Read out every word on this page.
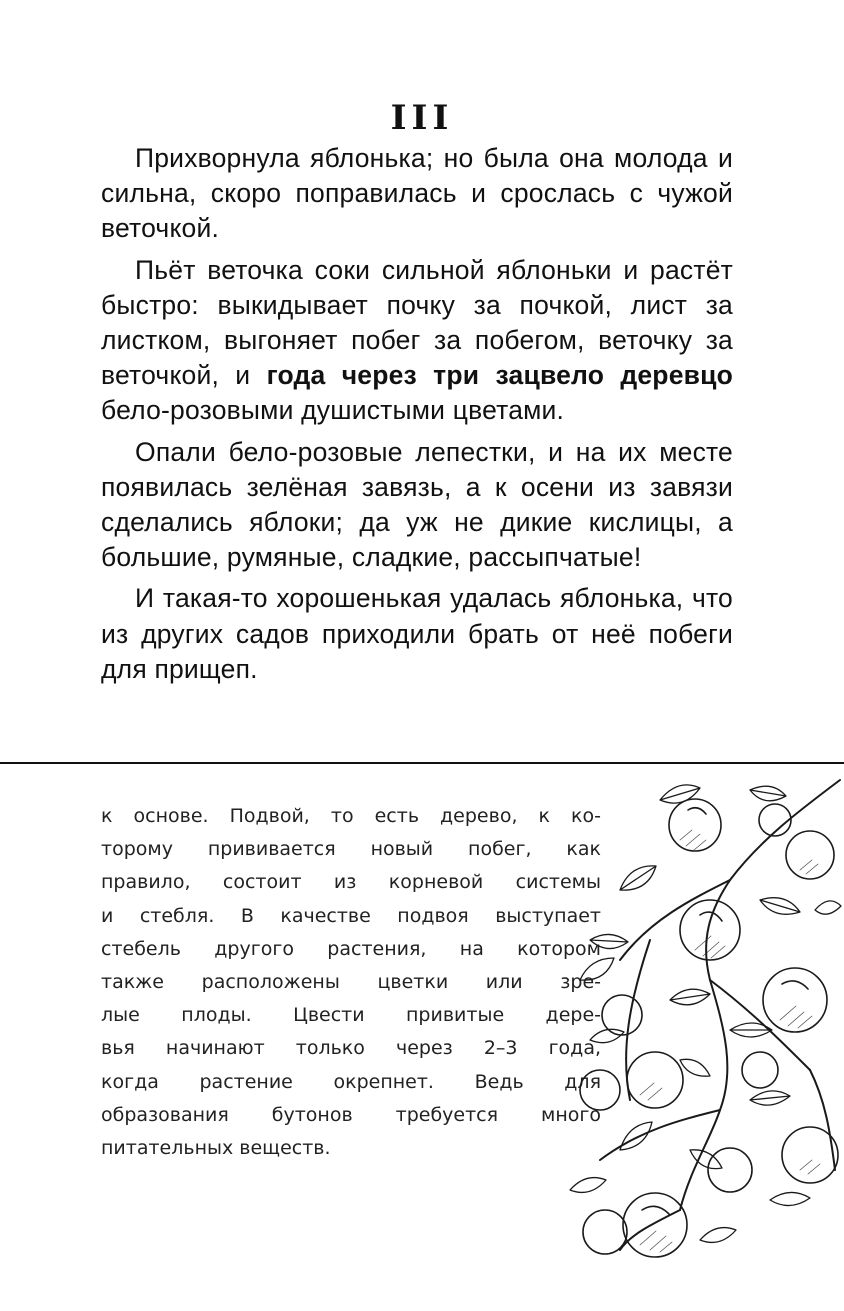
III

Прихворнула яблонька; но была она молода и сильна, скоро поправилась и срослась с чужой веточкой.

Пьёт веточка соки сильной яблоньки и растёт быстро: выкидывает почку за почкой, лист за листком, выгоняет побег за побегом, веточку за веточкой, и года через три зацвело деревцо бело-розовыми душистыми цветами.

Опали бело-розовые лепестки, и на их месте появилась зелёная завязь, а к осени из завязи сделались яблоки; да уж не дикие кислицы, а большие, румяные, сладкие, рассыпчатые!

И такая-то хорошенькая удалась яблонька, что из других садов приходили брать от неё побеги для прищеп.

к основе. Подвой, то есть дерево, к ко-
торому прививается новый побег, как
правило, состоит из корневой системы
и стебля. В качестве подвоя выступает
стебель другого растения, на котором
также расположены цветки или зре-
лые плоды. Цвести привитые дере-
вья начинают только через 2–3 года,
когда растение окрепнет. Ведь для
образования бутонов требуется много
питательных веществ.
